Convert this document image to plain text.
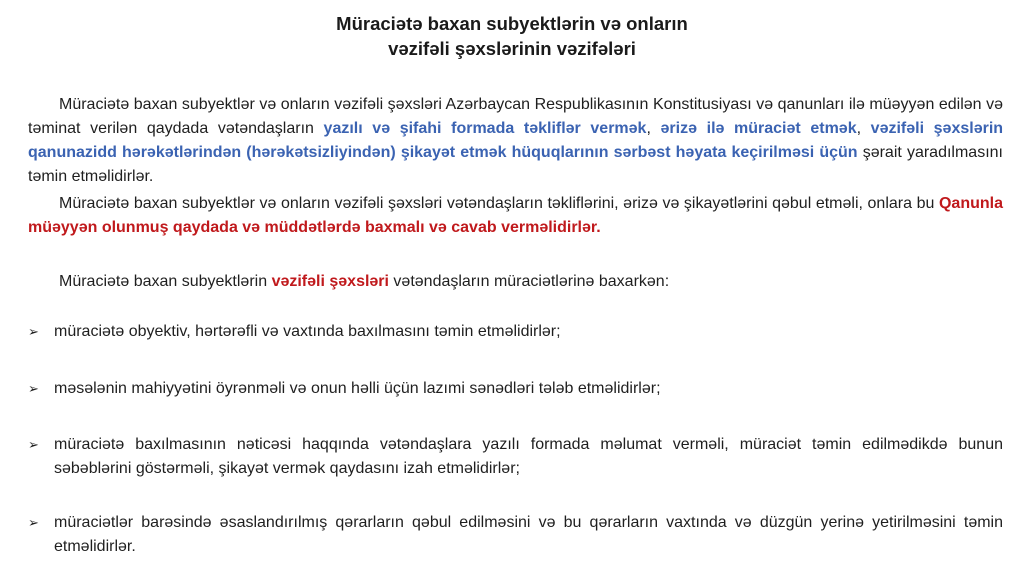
Müraciətə baxan subyektlərin və onların
vəzifəli şəxslərinin vəzifələri
Müraciətə baxan subyektlər və onların vəzifəli şəxsləri Azərbaycan Respublikasının Konstitusiyası və qanunları ilə müəyyən edilən və təminat verilən qaydada vətəndaşların yazılı və şifahi formada təkliflər vermək, ərizə ilə müraciət etmək, vəzifəli şəxslərin qanunazidd hərəkətlərindən (hərəkətsizliyindən) şikayət etmək hüquqlarının sərbəst həyata keçirilməsi üçün şərait yaradılmasını təmin etməlidirlər.
Müraciətə baxan subyektlər və onların vəzifəli şəxsləri vətəndaşların təkliflərini, ərizə və şikayətlərini qəbul etməli, onlara bu Qanunla müəyyən olunmuş qaydada və müddətlərdə baxmalı və cavab verməlidirlər.
Müraciətə baxan subyektlərin vəzifəli şəxsləri vətəndaşların müraciətlərinə baxarkən:
➢ müraciətə obyektiv, hərtərəfli və vaxtında baxılmasını təmin etməlidirlər;
➢ məsələnin mahiyyətini öyrənməli və onun həlli üçün lazımi sənədləri tələb etməlidirlər;
➢ müraciətə baxılmasının nəticəsi haqqında vətəndaşlara yazılı formada məlumat verməli, müraciət təmin edilmədikdə bunun səbəblərini göstərməli, şikayət vermək qaydasını izah etməlidirlər;
➢ müraciətlər barəsində əsaslandırılmış qərarların qəbul edilməsini və bu qərarların vaxtında və düzgün yerinə yetirilməsini təmin etməlidirlər.
